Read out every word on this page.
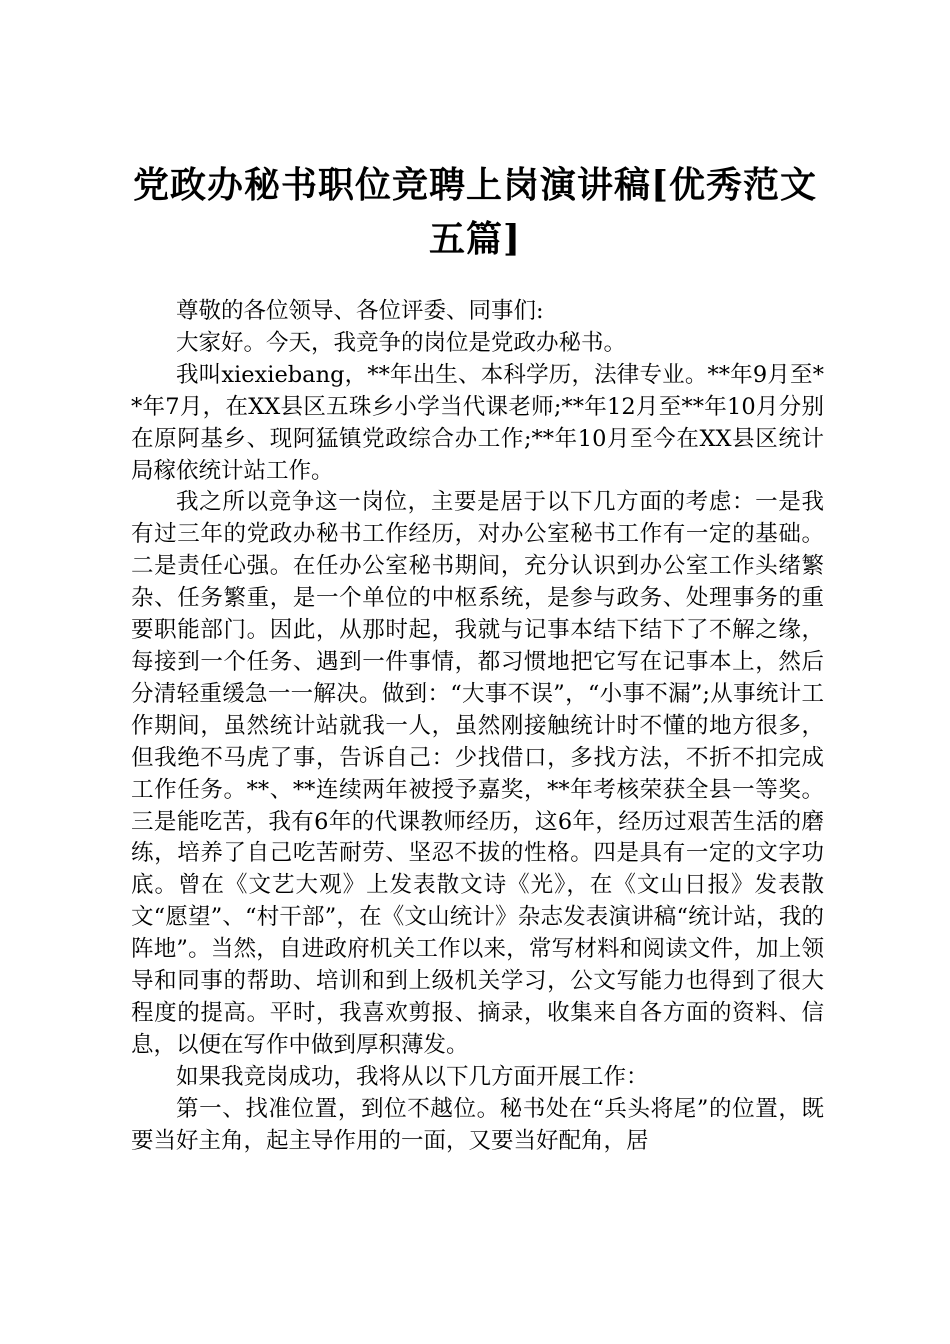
党政办秘书职位竞聘上岗演讲稿[优秀范文五篇]

尊敬的各位领导、各位评委、同事们:

大家好。今天，我竞争的岗位是党政办秘书。

我叫xiexiebang，**年出生、本科学历，法律专业。**年9月至**年7月，在XX县区五珠乡小学当代课老师;**年12月至**年10月分别在原阿基乡、现阿猛镇党政综合办工作;**年10月至今在XX县区统计局稼依统计站工作。

我之所以竞争这一岗位，主要是居于以下几方面的考虑：一是我有过三年的党政办秘书工作经历，对办公室秘书工作有一定的基础。二是责任心强。在任办公室秘书期间，充分认识到办公室工作头绪繁杂、任务繁重，是一个单位的中枢系统，是参与政务、处理事务的重要职能部门。因此，从那时起，我就与记事本结下结下了不解之缘，每接到一个任务、遇到一件事情，都习惯地把它写在记事本上，然后分清轻重缓急一一解决。做到：“大事不误”，“小事不漏”;从事统计工作期间，虽然统计站就我一人，虽然刚接触统计时不懂的地方很多，但我绝不马虎了事，告诉自己：少找借口，多找方法，不折不扣完成工作任务。**、**连续两年被授予嘉奖，**年考核荣获全县一等奖。三是能吃苦，我有6年的代课教师经历，这6年，经历过艰苦生活的磨练，培养了自己吃苦耐劳、坚忍不拔的性格。四是具有一定的文字功底。曾在《文艺大观》上发表散文诗《光》，在《文山日报》发表散文“愿望”、“村干部”，在《文山统计》杂志发表演讲稿“统计站，我的阵地”。当然，自进政府机关工作以来，常写材料和阅读文件，加上领导和同事的帮助、培训和到上级机关学习，公文写能力也得到了很大程度的提高。平时，我喜欢剪报、摘录，收集来自各方面的资料、信息，以便在写作中做到厚积薄发。

如果我竞岗成功，我将从以下几方面开展工作：

第一、找准位置，到位不越位。秘书处在“兵头将尾”的位置，既要当好主角，起主导作用的一面，又要当好配角，居
